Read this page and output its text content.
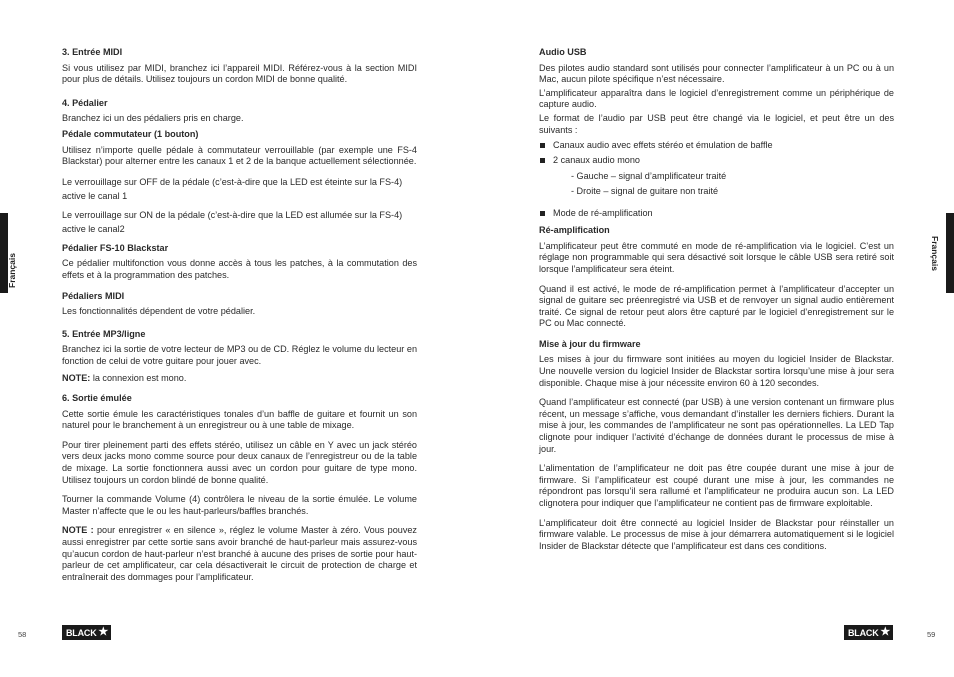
Français
3. Entrée MIDI

Si vous utilisez par MIDI, branchez ici l’appareil MIDI. Référez-vous à la section MIDI pour plus de détails. Utilisez toujours un cordon MIDI de bonne qualité.

4. Pédalier

Branchez ici un des pédaliers pris en charge.

Pédale commutateur (1 bouton)

Utilisez n’importe quelle pédale à commutateur verrouillable (par exemple une FS-4 Blackstar) pour alterner entre les canaux 1 et 2 de la banque actuellement sélectionnée.

Le verrouillage sur OFF de la pédale (c’est-à-dire que la LED est éteinte sur la FS-4) active le canal 1

Le verrouillage sur ON de la pédale (c’est-à-dire que la LED est allumée sur la FS-4) active le canal2

Pédalier FS-10 Blackstar

Ce pédalier multifonction vous donne accès à tous les patches, à la commutation des effets et à la programmation des patches.

Pédaliers MIDI

Les fonctionnalités dépendent de votre pédalier.

5. Entrée MP3/ligne

Branchez ici la sortie de votre lecteur de MP3 ou de CD. Réglez le volume du lecteur en fonction de celui de votre guitare pour jouer avec.

NOTE: la connexion est mono.

6. Sortie émulée

Cette sortie émule les caractéristiques tonales d’un baffle de guitare et fournit un son naturel pour le branchement à un enregistreur ou à une table de mixage.

Pour tirer pleinement parti des effets stéréo, utilisez un câble en Y avec un jack stéréo vers deux jacks mono comme source pour deux canaux de l’enregistreur ou de la table de mixage. La sortie fonctionnera aussi avec un cordon pour guitare de type mono. Utilisez toujours un cordon blindé de bonne qualité.

Tourner la commande Volume (4) contrôlera le niveau de la sortie émulée. Le volume Master n’affecte que le ou les haut-parleurs/baffles branchés.

NOTE : pour enregistrer « en silence », réglez le volume Master à zéro. Vous pouvez aussi enregistrer par cette sortie sans avoir branché de haut-parleur mais assurez-vous qu’aucun cordon de haut-parleur n’est branché à aucune des prises de sortie pour haut-parleur de cet amplificateur, car cela désactiverait le circuit de protection de charge et entraînerait des dommages pour l’amplificateur.

58	BLACK ★
Français
Audio USB

Des pilotes audio standard sont utilisés pour connecter l’amplificateur à un PC ou à un Mac, aucun pilote spécifique n’est nécessaire.

L’amplificateur apparaîtra dans le logiciel d’enregistrement comme un périphérique de capture audio.

Le format de l’audio par USB peut être changé via le logiciel, et peut être un des suivants :

Canaux audio avec effets stéréo et émulation de baffle
2 canaux audio mono
- Gauche – signal d’amplificateur traité
- Droite – signal de guitare non traité
Mode de ré-amplification
Ré-amplification

L’amplificateur peut être commuté en mode de ré-amplification via le logiciel. C’est un réglage non programmable qui sera désactivé soit lorsque le câble USB sera retiré soit lorsque l’amplificateur sera éteint.

Quand il est activé, le mode de ré-amplification permet à l’amplificateur d’accepter un signal de guitare sec préenregistré via USB et de renvoyer un signal audio entièrement traité. Ce signal de retour peut alors être capturé par le logiciel d’enregistrement sur le PC ou Mac connecté.

Mise à jour du firmware

Les mises à jour du firmware sont initiées au moyen du logiciel Insider de Blackstar. Une nouvelle version du logiciel Insider de Blackstar sortira lorsqu’une mise à jour sera disponible. Chaque mise à jour nécessite environ 60 à 120 secondes.

Quand l’amplificateur est connecté (par USB) à une version contenant un firmware plus récent, un message s’affiche, vous demandant d’installer les derniers fichiers. Durant la mise à jour, les commandes de l’amplificateur ne sont pas opérationnelles. La LED Tap clignote pour indiquer l’activité d’échange de données durant le processus de mise à jour.

L’alimentation de l’amplificateur ne doit pas être coupée durant une mise à jour de firmware. Si l’amplificateur est coupé durant une mise à jour, les commandes ne répondront pas lorsqu’il sera rallumé et l’amplificateur ne produira aucun son. La LED clignotera pour indiquer que l’amplificateur ne contient pas de firmware exploitable.

L’amplificateur doit être connecté au logiciel Insider de Blackstar pour réinstaller un firmware valable. Le processus de mise à jour démarrera automatiquement si le logiciel Insider de Blackstar détecte que l’amplificateur est dans ces conditions.

BLACK ★	59
